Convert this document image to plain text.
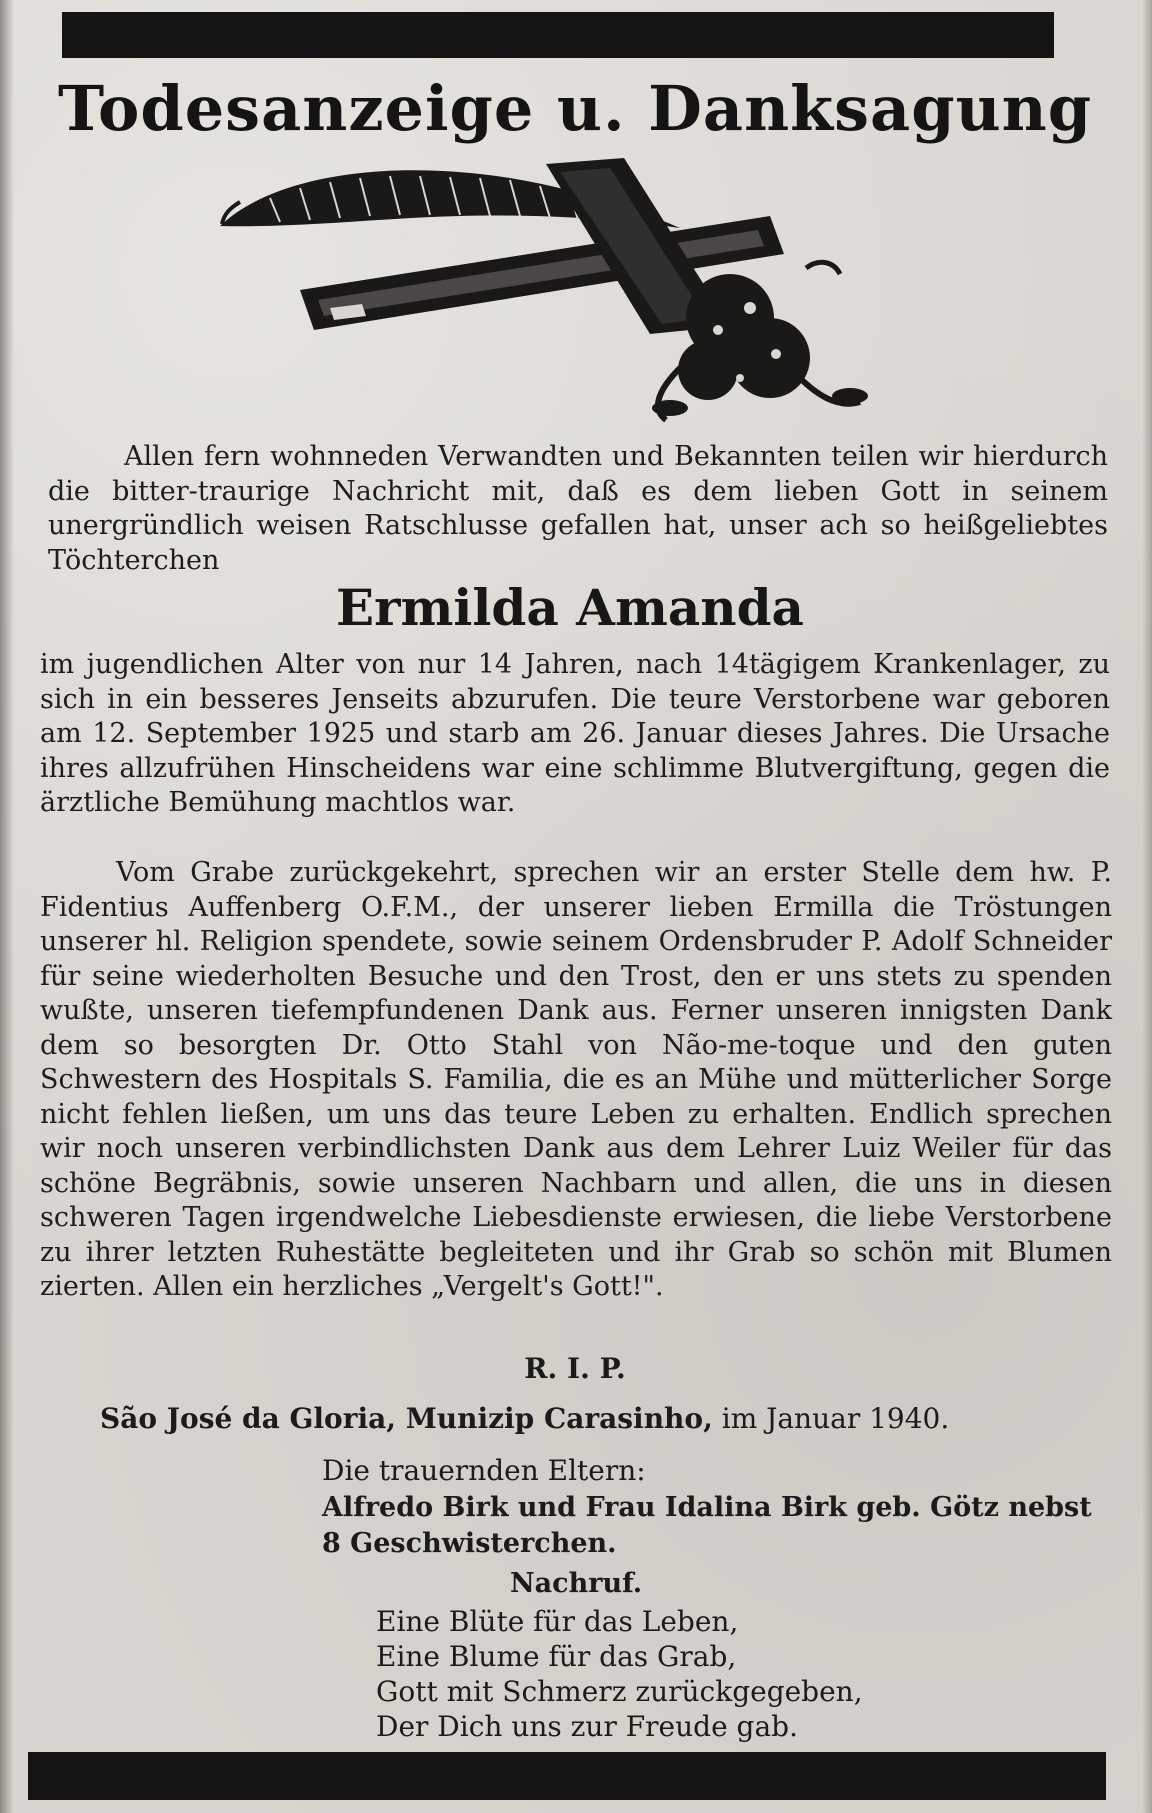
Todesanzeige u. Danksagung
Allen fern wohnneden Verwandten und Bekannten teilen wir hierdurch die bitter-traurige Nachricht mit, daß es dem lieben Gott in seinem unergründlich weisen Ratschlusse gefallen hat, unser ach so heißgeliebtes Töchterchen
Ermilda Amanda
im jugendlichen Alter von nur 14 Jahren, nach 14tägigem Krankenlager, zu sich in ein besseres Jenseits abzurufen. Die teure Verstorbene war geboren am 12. September 1925 und starb am 26. Januar dieses Jahres. Die Ursache ihres allzufrühen Hinscheidens war eine schlimme Blutvergiftung, gegen die ärztliche Bemühung machtlos war.
Vom Grabe zurückgekehrt, sprechen wir an erster Stelle dem hw. P. Fidentius Auffenberg O.F.M., der unserer lieben Ermilla die Tröstungen unserer hl. Religion spendete, sowie seinem Ordensbruder P. Adolf Schneider für seine wiederholten Besuche und den Trost, den er uns stets zu spenden wußte, unseren tiefempfundenen Dank aus. Ferner unseren innigsten Dank dem so besorgten Dr. Otto Stahl von Não-me-toque und den guten Schwestern des Hospitals S. Familia, die es an Mühe und mütterlicher Sorge nicht fehlen ließen, um uns das teure Leben zu erhalten. Endlich sprechen wir noch unseren verbindlichsten Dank aus dem Lehrer Luiz Weiler für das schöne Begräbnis, sowie unseren Nachbarn und allen, die uns in diesen schweren Tagen irgendwelche Liebesdienste erwiesen, die liebe Verstorbene zu ihrer letzten Ruhestätte begleiteten und ihr Grab so schön mit Blumen zierten. Allen ein herzliches „Vergelt's Gott!".
R. I. P.
São José da Gloria, Munizip Carasinho, im Januar 1940.
Die trauernden Eltern:
Alfredo Birk und Frau Idalina Birk geb. Götz nebst 8 Geschwisterchen.
Nachruf.
Eine Blüte für das Leben,
Eine Blume für das Grab,
Gott mit Schmerz zurückgegeben,
Der Dich uns zur Freude gab.
